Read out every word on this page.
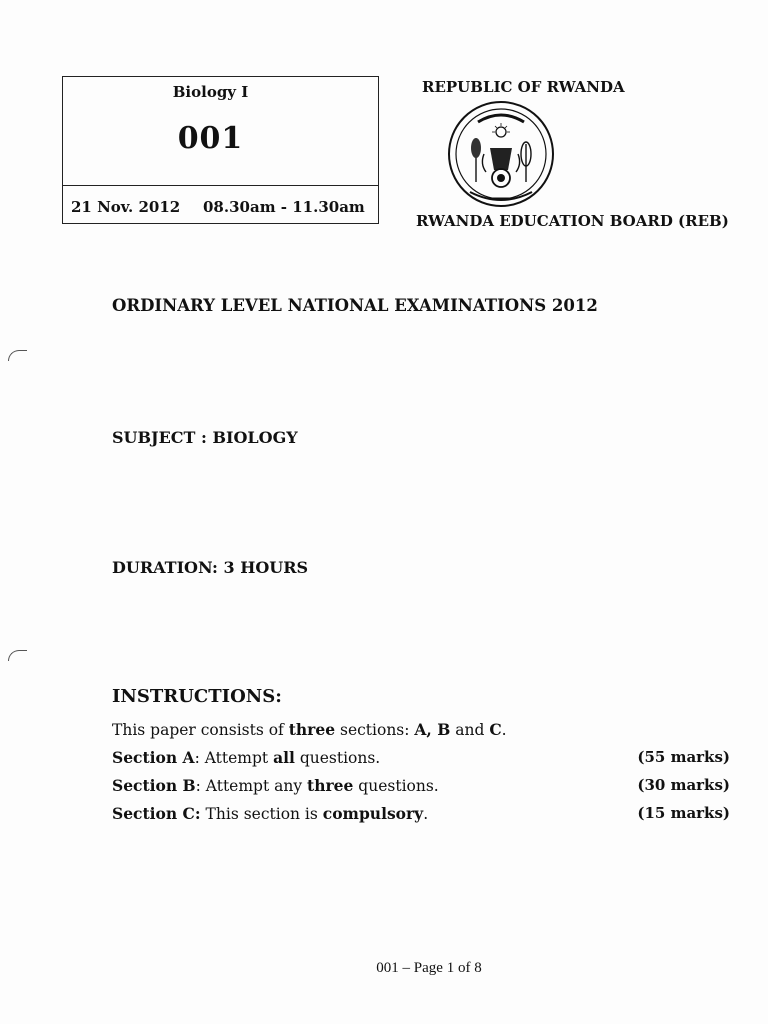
Biology I
001
21 Nov. 2012 08.30am - 11.30am
REPUBLIC OF RWANDA
RWANDA EDUCATION BOARD (REB)
ORDINARY LEVEL NATIONAL EXAMINATIONS 2012
SUBJECT : BIOLOGY
DURATION: 3 HOURS
INSTRUCTIONS:
This paper consists of three sections: A, B and C.
Section A: Attempt all questions.	(55 marks)
Section B: Attempt any three questions.	(30 marks)
Section C: This section is compulsory.	(15 marks)
001 – Page 1 of 8
